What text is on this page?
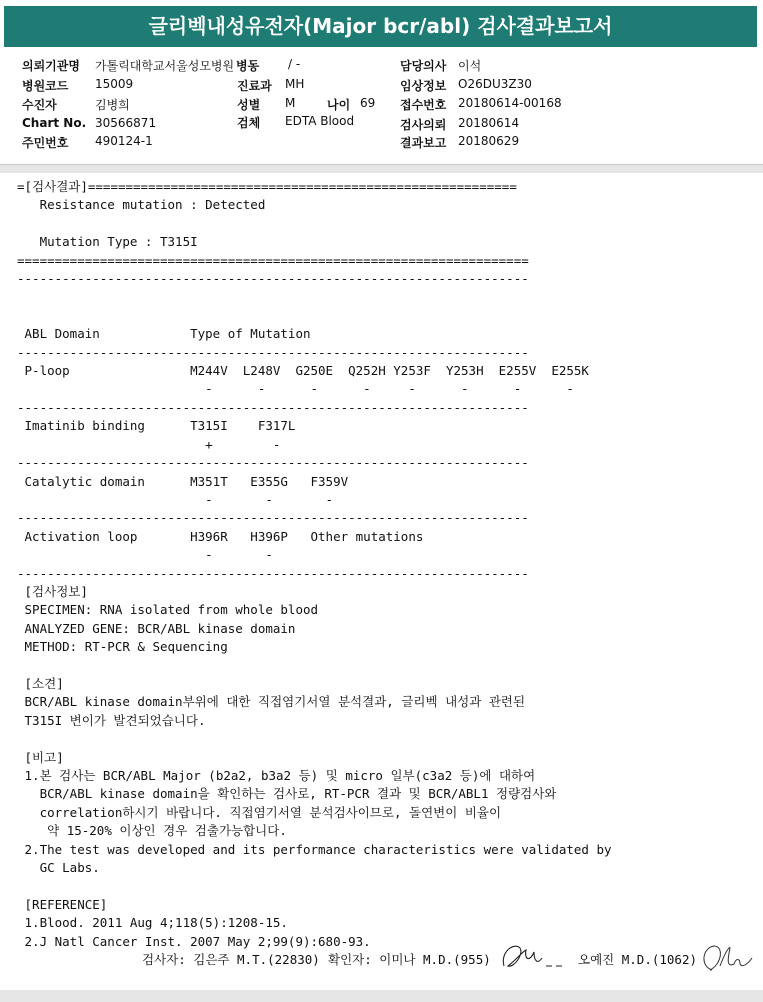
글리벡내성유전자(Major bcr/abl) 검사결과보고서
의뢰기관명 가톨릭대학교서울성모병원 병동 / -	담당의사 이석
병원코드 15009	진료과 MH	임상정보 O26DU3Z30
수진자	김병희	성별 M	나이 69 접수번호 20180614-00168
Chart No. 30566871	검체 EDTA Blood	검사의뢰 20180614
주민번호 490124-1	결과보고 20180629
=[검사결과]=========================================================
Resistance mutation : Detected

Mutation Type : T315I
====================================================================
--------------------------------------------------------------------

ABL Domain            Type of Mutation
--------------------------------------------------------------------
P-loop                M244V  L248V  G250E  Q252H Y253F  Y253H  E255V  E255K
-      -      -      -     -      -      -      -
--------------------------------------------------------------------
Imatinib binding      T315I    F317L
+        -
--------------------------------------------------------------------
Catalytic domain      M351T   E355G   F359V
-       -       -
--------------------------------------------------------------------
Activation loop       H396R   H396P   Other mutations
-       -
--------------------------------------------------------------------
[검사정보]
SPECIMEN: RNA isolated from whole blood
ANALYZED GENE: BCR/ABL kinase domain
METHOD: RT-PCR & Sequencing

[소견]
BCR/ABL kinase domain부위에 대한 직접염기서열 분석결과, 글리벡 내성과 관련된
T315I 변이가 발견되었습니다.

[비고]
1.본 검사는 BCR/ABL Major (b2a2, b3a2 등) 및 micro 일부(c3a2 등)에 대하여
BCR/ABL kinase domain을 확인하는 검사로, RT-PCR 결과 및 BCR/ABL1 정량검사와
correlation하시기 바랍니다. 직접염기서열 분석검사이므로, 돌연변이 비율이
약 15-20% 이상인 경우 검출가능합니다.
2.The test was developed and its performance characteristics were validated by
GC Labs.

[REFERENCE]
1.Blood. 2011 Aug 4;118(5):1208-15.
2.J Natl Cancer Inst. 2007 May 2;99(9):680-93.
검사자: 김은주 M.T.(22830) 확인자: 이미나 M.D.(955)	오예진 M.D.(1062)
